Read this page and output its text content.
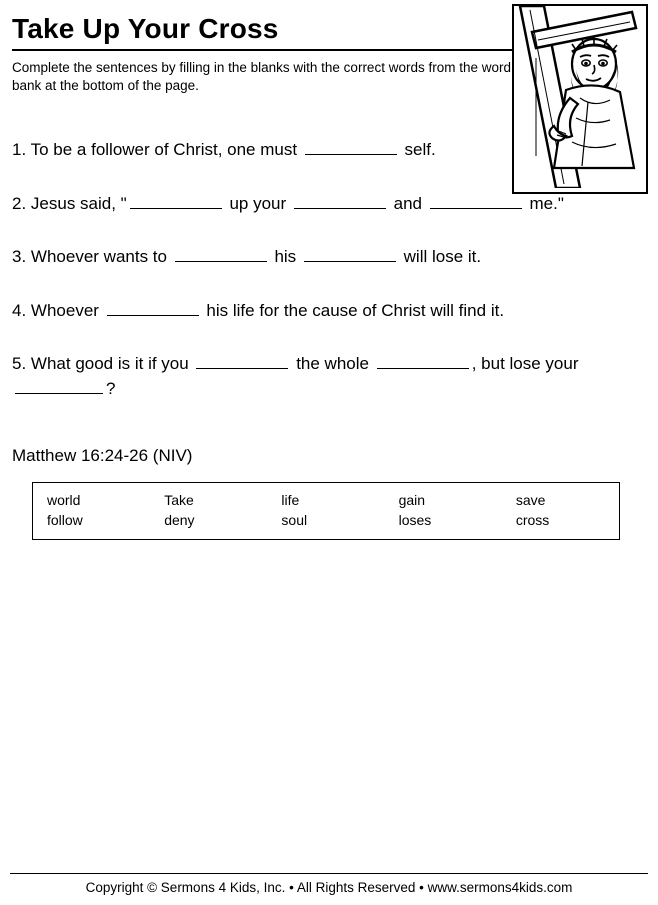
Take Up Your Cross

Complete the sentences by filling in the blanks with the correct words from the word bank at the bottom of the page.

1. To be a follower of Christ, one must	self.
2. Jesus said, "	up your	and	me."
3. Whoever wants to	his	will lose it.
4. Whoever	his life for the cause of Christ will find it.
5. What good is it if you	the whole	, but lose your ?
Matthew 16:24-26 (NIV)
world	Take	life	gain	save
follow	deny	soul	loses	cross
Copyright © Sermons 4 Kids, Inc. • All Rights Reserved • www.sermons4kids.com
